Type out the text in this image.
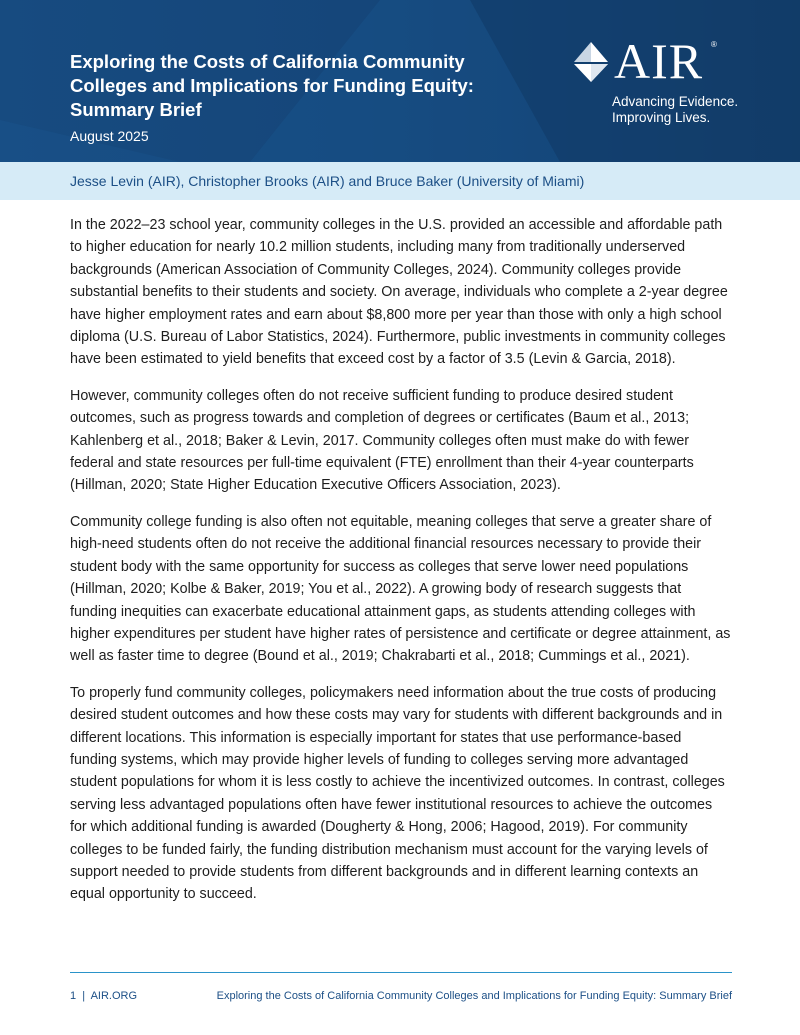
Exploring the Costs of California Community Colleges and Implications for Funding Equity: Summary Brief
August 2025
AIR ®
Advancing Evidence.
Improving Lives.
Jesse Levin (AIR), Christopher Brooks (AIR) and Bruce Baker (University of Miami)

In the 2022–23 school year, community colleges in the U.S. provided an accessible and affordable path to higher education for nearly 10.2 million students, including many from traditionally underserved backgrounds (American Association of Community Colleges, 2024). Community colleges provide substantial benefits to their students and society. On average, individuals who complete a 2-year degree have higher employment rates and earn about $8,800 more per year than those with only a high school diploma (U.S. Bureau of Labor Statistics, 2024). Furthermore, public investments in community colleges have been estimated to yield benefits that exceed cost by a factor of 3.5 (Levin & Garcia, 2018).

However, community colleges often do not receive sufficient funding to produce desired student outcomes, such as progress towards and completion of degrees or certificates (Baum et al., 2013; Kahlenberg et al., 2018; Baker & Levin, 2017. Community colleges often must make do with fewer federal and state resources per full-time equivalent (FTE) enrollment than their 4-year counterparts (Hillman, 2020; State Higher Education Executive Officers Association, 2023).

Community college funding is also often not equitable, meaning colleges that serve a greater share of high-need students often do not receive the additional financial resources necessary to provide their student body with the same opportunity for success as colleges that serve lower need populations (Hillman, 2020; Kolbe & Baker, 2019; You et al., 2022). A growing body of research suggests that funding inequities can exacerbate educational attainment gaps, as students attending colleges with higher expenditures per student have higher rates of persistence and certificate or degree attainment, as well as faster time to degree (Bound et al., 2019; Chakrabarti et al., 2018; Cummings et al., 2021).

To properly fund community colleges, policymakers need information about the true costs of producing desired student outcomes and how these costs may vary for students with different backgrounds and in different locations. This information is especially important for states that use performance-based funding systems, which may provide higher levels of funding to colleges serving more advantaged student populations for whom it is less costly to achieve the incentivized outcomes. In contrast, colleges serving less advantaged populations often have fewer institutional resources to achieve the outcomes for which additional funding is awarded (Dougherty & Hong, 2006; Hagood, 2019). For community colleges to be funded fairly, the funding distribution mechanism must account for the varying levels of support needed to provide students from different backgrounds and in different learning contexts an equal opportunity to succeed.

1  |  AIR.ORG	Exploring the Costs of California Community Colleges and Implications for Funding Equity: Summary Brief
